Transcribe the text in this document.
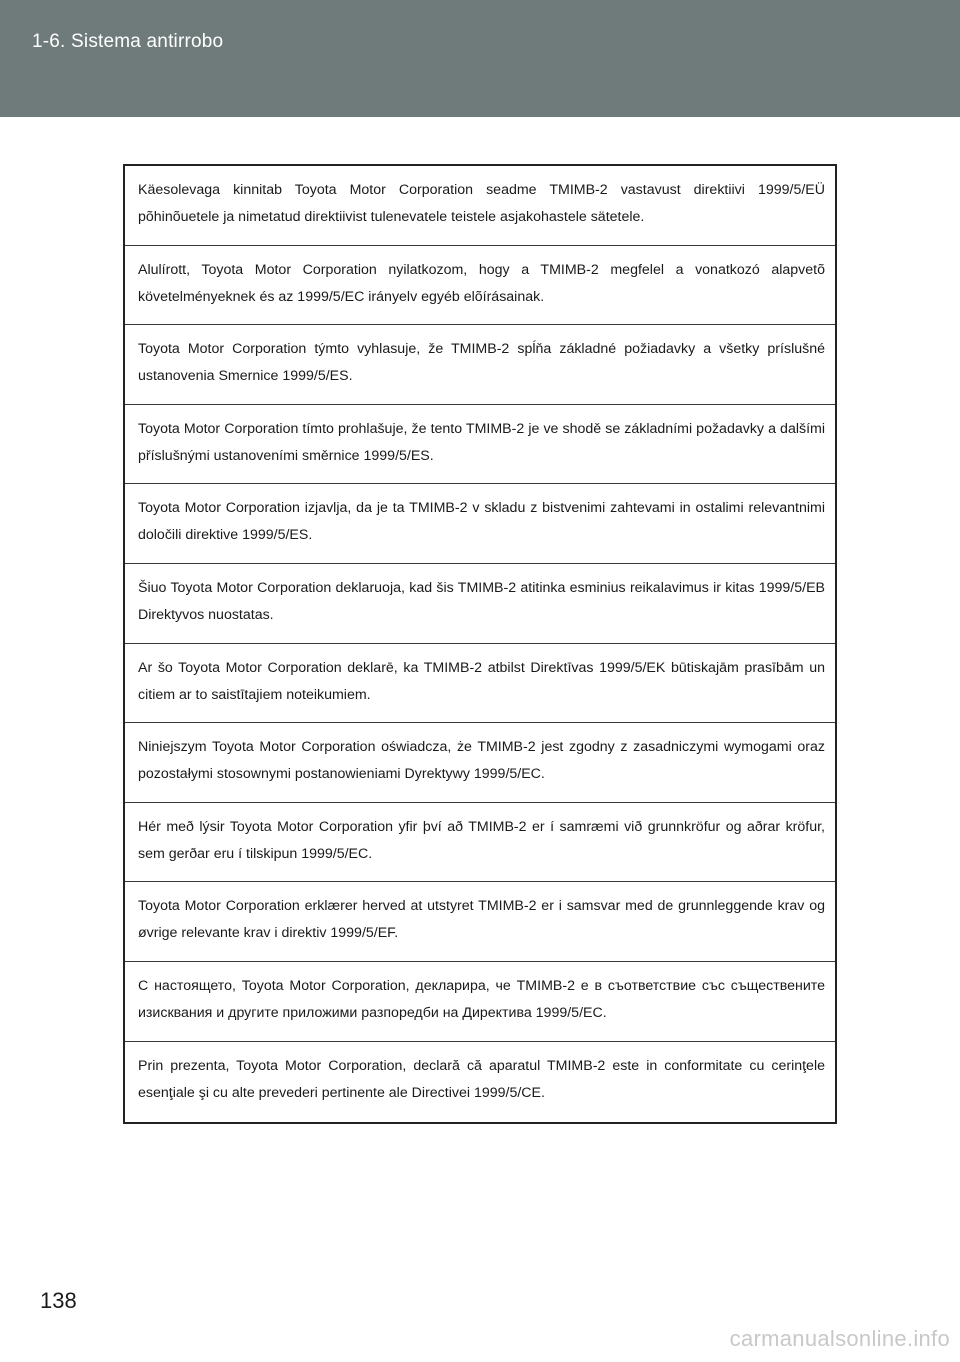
1-6. Sistema antirrobo

Käesolevaga kinnitab Toyota Motor Corporation seadme TMIMB-2 vastavust direktiivi 1999/5/EÜ põhinõuetele ja nimetatud direktiivist tulenevatele teistele asjakohastele sätetele.

Alulírott, Toyota Motor Corporation nyilatkozom, hogy a TMIMB-2 megfelel a vonatkozó alapvetõ követelményeknek és az 1999/5/EC irányelv egyéb elõírásainak.

Toyota Motor Corporation týmto vyhlasuje, že TMIMB-2 spĺňa základné požiadavky a všetky príslušné ustanovenia Smernice 1999/5/ES.

Toyota Motor Corporation tímto prohlašuje, že tento TMIMB-2 je ve shodě se základními požadavky a dalšími příslušnými ustanoveními směrnice 1999/5/ES.

Toyota Motor Corporation izjavlja, da je ta TMIMB-2 v skladu z bistvenimi zahtevami in ostalimi relevantnimi določili direktive 1999/5/ES.

Šiuo Toyota Motor Corporation deklaruoja, kad šis TMIMB-2 atitinka esminius reikalavimus ir kitas 1999/5/EB Direktyvos nuostatas.

Ar šo Toyota Motor Corporation deklarē, ka TMIMB-2 atbilst Direktīvas 1999/5/EK būtiskajām prasībām un citiem ar to saistītajiem noteikumiem.

Niniejszym Toyota Motor Corporation oświadcza, że TMIMB-2 jest zgodny z zasadniczymi wymogami oraz pozostałymi stosownymi postanowieniami Dyrektywy 1999/5/EC.

Hér með lýsir Toyota Motor Corporation yfir því að TMIMB-2 er í samræmi við grunnkröfur og aðrar kröfur, sem gerðar eru í tilskipun 1999/5/EC.

Toyota Motor Corporation erklærer herved at utstyret TMIMB-2 er i samsvar med de grunnleggende krav og øvrige relevante krav i direktiv 1999/5/EF.

С настоящето, Toyota Motor Corporation, декларира, че TMIMB-2 е в съответствие със съществените изисквания и другите приложими разпоредби на Директива 1999/5/EC.

Prin prezenta, Toyota Motor Corporation, declară că aparatul TMIMB-2 este in conformitate cu cerinţele esenţiale şi cu alte prevederi pertinente ale Directivei 1999/5/CE.

138
carmanualsonline.info
